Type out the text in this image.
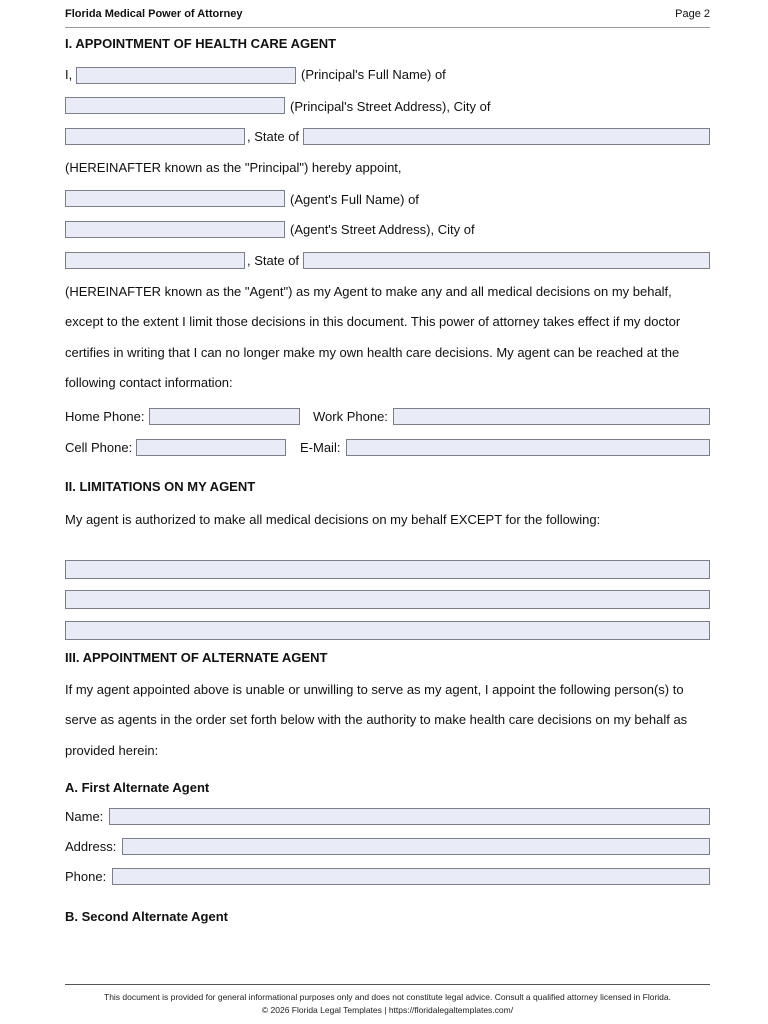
Florida Medical Power of Attorney	Page 2
I. APPOINTMENT OF HEALTH CARE AGENT
I,	(Principal's Full Name) of
(Principal's Street Address), City of
, State of
(HEREINAFTER known as the "Principal") hereby appoint,
(Agent's Full Name) of
(Agent's Street Address), City of
, State of
(HEREINAFTER known as the "Agent") as my Agent to make any and all medical decisions on my behalf,
except to the extent I limit those decisions in this document. This power of attorney takes effect if my doctor
certifies in writing that I can no longer make my own health care decisions. My agent can be reached at the
following contact information:
Home Phone:	Work Phone:
Cell Phone:	E-Mail:
II. LIMITATIONS ON MY AGENT
My agent is authorized to make all medical decisions on my behalf EXCEPT for the following:
III. APPOINTMENT OF ALTERNATE AGENT
If my agent appointed above is unable or unwilling to serve as my agent, I appoint the following person(s) to
serve as agents in the order set forth below with the authority to make health care decisions on my behalf as
provided herein:
A. First Alternate Agent
Name:
Address:
Phone:
B. Second Alternate Agent
This document is provided for general informational purposes only and does not constitute legal advice. Consult a qualified attorney licensed in Florida.
© 2026 Florida Legal Templates | https://floridalegaltemplates.com/
